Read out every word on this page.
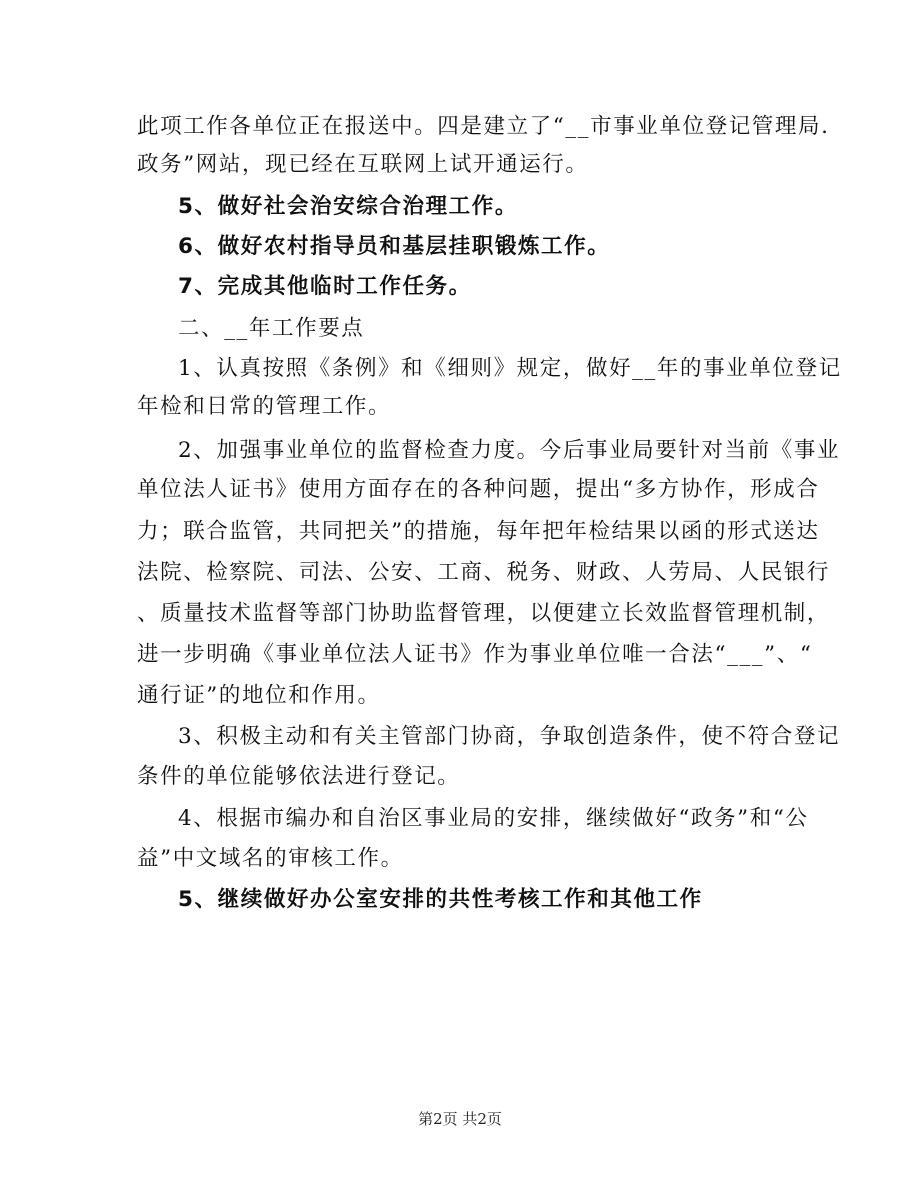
此项工作各单位正在报送中。四是建立了“__市事业单位登记管理局.
政务”网站，现已经在互联网上试开通运行。
5、做好社会治安综合治理工作。
6、做好农村指导员和基层挂职锻炼工作。
7、完成其他临时工作任务。
二、__年工作要点
1、认真按照《条例》和《细则》规定，做好__年的事业单位登记
年检和日常的管理工作。
2、加强事业单位的监督检查力度。今后事业局要针对当前《事业
单位法人证书》使用方面存在的各种问题，提出“多方协作，形成合
力；联合监管，共同把关”的措施，每年把年检结果以函的形式送达
法院、检察院、司法、公安、工商、税务、财政、人劳局、人民银行
、质量技术监督等部门协助监督管理，以便建立长效监督管理机制，
进一步明确《事业单位法人证书》作为事业单位唯一合法“___”、“
通行证”的地位和作用。
3、积极主动和有关主管部门协商，争取创造条件，使不符合登记
条件的单位能够依法进行登记。
4、根据市编办和自治区事业局的安排，继续做好“政务”和“公
益”中文域名的审核工作。
5、继续做好办公室安排的共性考核工作和其他工作
第2页 共2页
